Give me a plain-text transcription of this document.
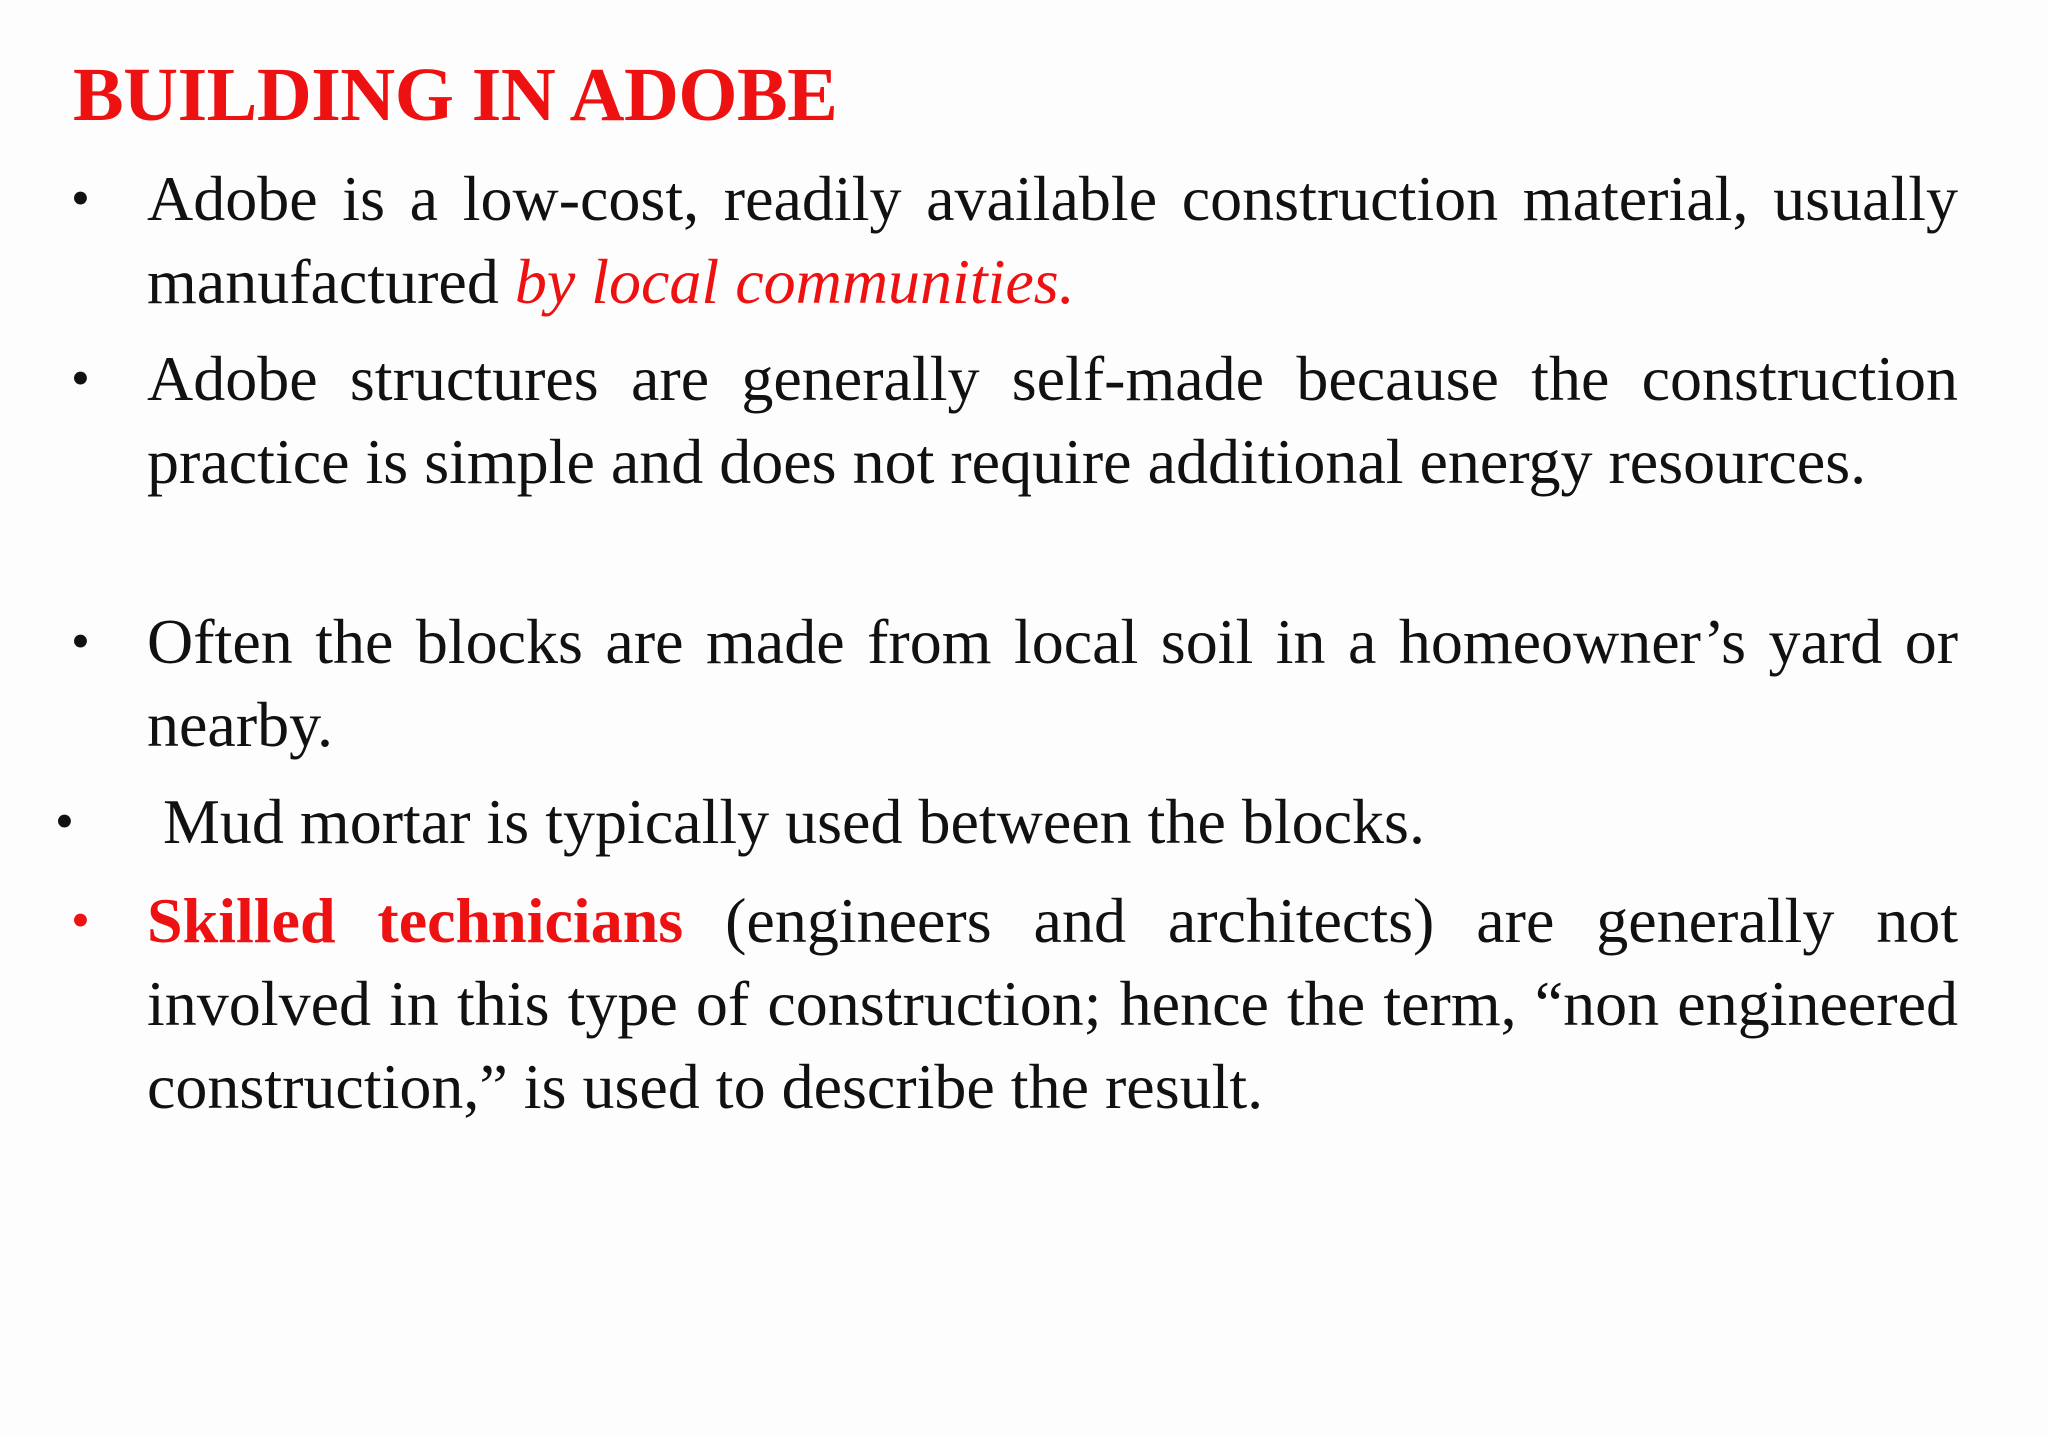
BUILDING IN ADOBE
• Adobe is a low-cost, readily available construction material, usually manufactured by local communities.
• Adobe structures are generally self-made because the construction practice is simple and does not require additional energy resources.
• Often the blocks are made from local soil in a homeowner’s yard or nearby.
• Mud mortar is typically used between the blocks.
• Skilled technicians (engineers and architects) are generally not involved in this type of construction; hence the term, “non engineered construction,” is used to describe the result.
